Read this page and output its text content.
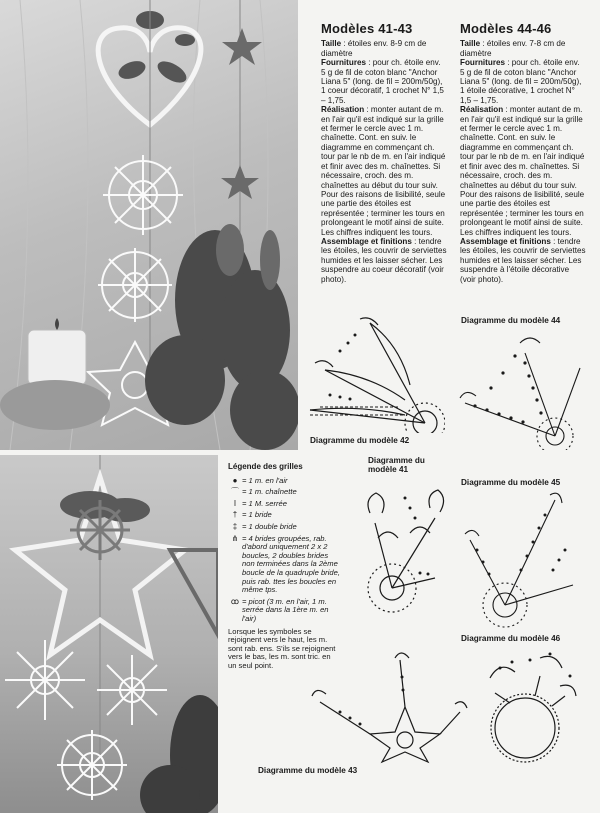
Modèles 41-43

Taille : étoiles env. 8-9 cm de diamètre

Fournitures : pour ch. étoile env. 5 g de fil de coton blanc "Anchor Liana 5" (long. de fil = 200m/50g), 1 coeur décoratif, 1 crochet N° 1,5 – 1,75.

Réalisation : monter autant de m. en l'air qu'il est indiqué sur la grille et fermer le cercle avec 1 m. chaînette. Cont. en suiv. le diagramme en commençant ch. tour par le nb de m. en l'air indiqué et finir avec des m. chaînettes. Si nécessaire, croch. des m. chaînettes au début du tour suiv. Pour des raisons de lisibilité, seule une partie des étoiles est représentée ; terminer les tours en prolongeant le motif ainsi de suite. Les chiffres indiquent les tours.

Assemblage et finitions : tendre les étoiles, les couvrir de serviettes humides et les laisser sécher. Les suspendre au coeur décoratif (voir photo).

Modèles 44-46

Taille : étoiles env. 7-8 cm de diamètre

Fournitures : pour ch. étoile env. 5 g de fil de coton blanc "Anchor Liana 5" (long. de fil = 200m/50g), 1 étoile décorative, 1 crochet N° 1,5 – 1,75.

Réalisation : monter autant de m. en l'air qu'il est indiqué sur la grille et fermer le cercle avec 1 m. chaînette. Cont. en suiv. le diagramme en commençant ch. tour par le nb de m. en l'air indiqué et finir avec des m. chaînettes. Si nécessaire, croch. des m. chaînettes au début du tour suiv. Pour des raisons de lisibilité, seule une partie des étoiles est représentée ; terminer les tours en prolongeant le motif ainsi de suite. Les chiffres indiquent les tours.

Assemblage et finitions : tendre les étoiles, les couvrir de serviettes humides et les laisser sécher. Les suspendre à l'étoile décorative (voir photo).

Diagramme du modèle 44
Diagramme du modèle 42
Diagramme du modèle 41
Diagramme du modèle 45
Diagramme du modèle 46
Diagramme du modèle 43
Légende des grilles
● = 1 m. en l'air
⌒ = 1 m. chaînette
I = 1 M. serrée
† = 1 bride
‡ = 1 double bride
⋔ = 4 brides groupées, rab. d'abord uniquement 2 x 2 boucles, 2 doubles brides non terminées dans la 2ème boucle de la quadruple bride, puis rab. ttes les boucles en même tps.
ꝏ = picot (3 m. en l'air, 1 m. serrée dans la 1ère m. en l'air)
Lorsque les symboles se rejoignent vers le haut, les m. sont rab. ens. S'ils se rejoignent vers le bas, les m. sont tric. en un seul point.
